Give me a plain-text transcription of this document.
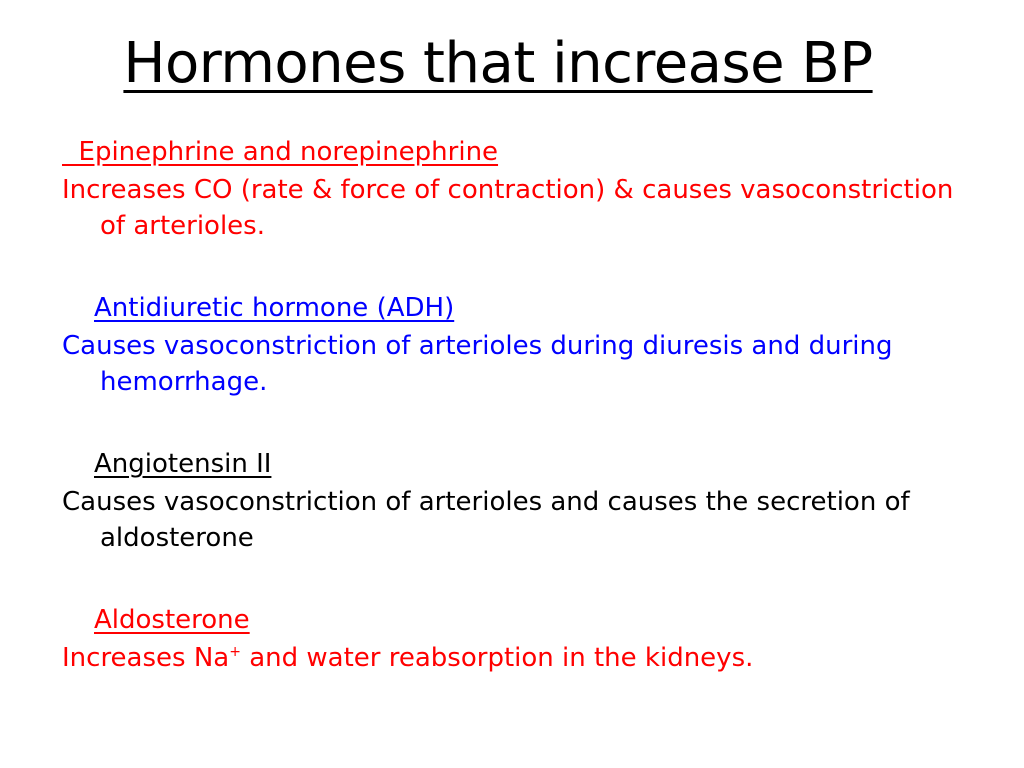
Hormones that increase BP
Epinephrine and norepinephrine
Increases CO (rate & force of contraction) & causes vasoconstriction of arterioles.
Antidiuretic hormone (ADH)
Causes vasoconstriction of arterioles during diuresis and during hemorrhage.
Angiotensin II
Causes vasoconstriction of arterioles and causes the secretion of aldosterone
Aldosterone
Increases Na+ and water reabsorption in the kidneys.
